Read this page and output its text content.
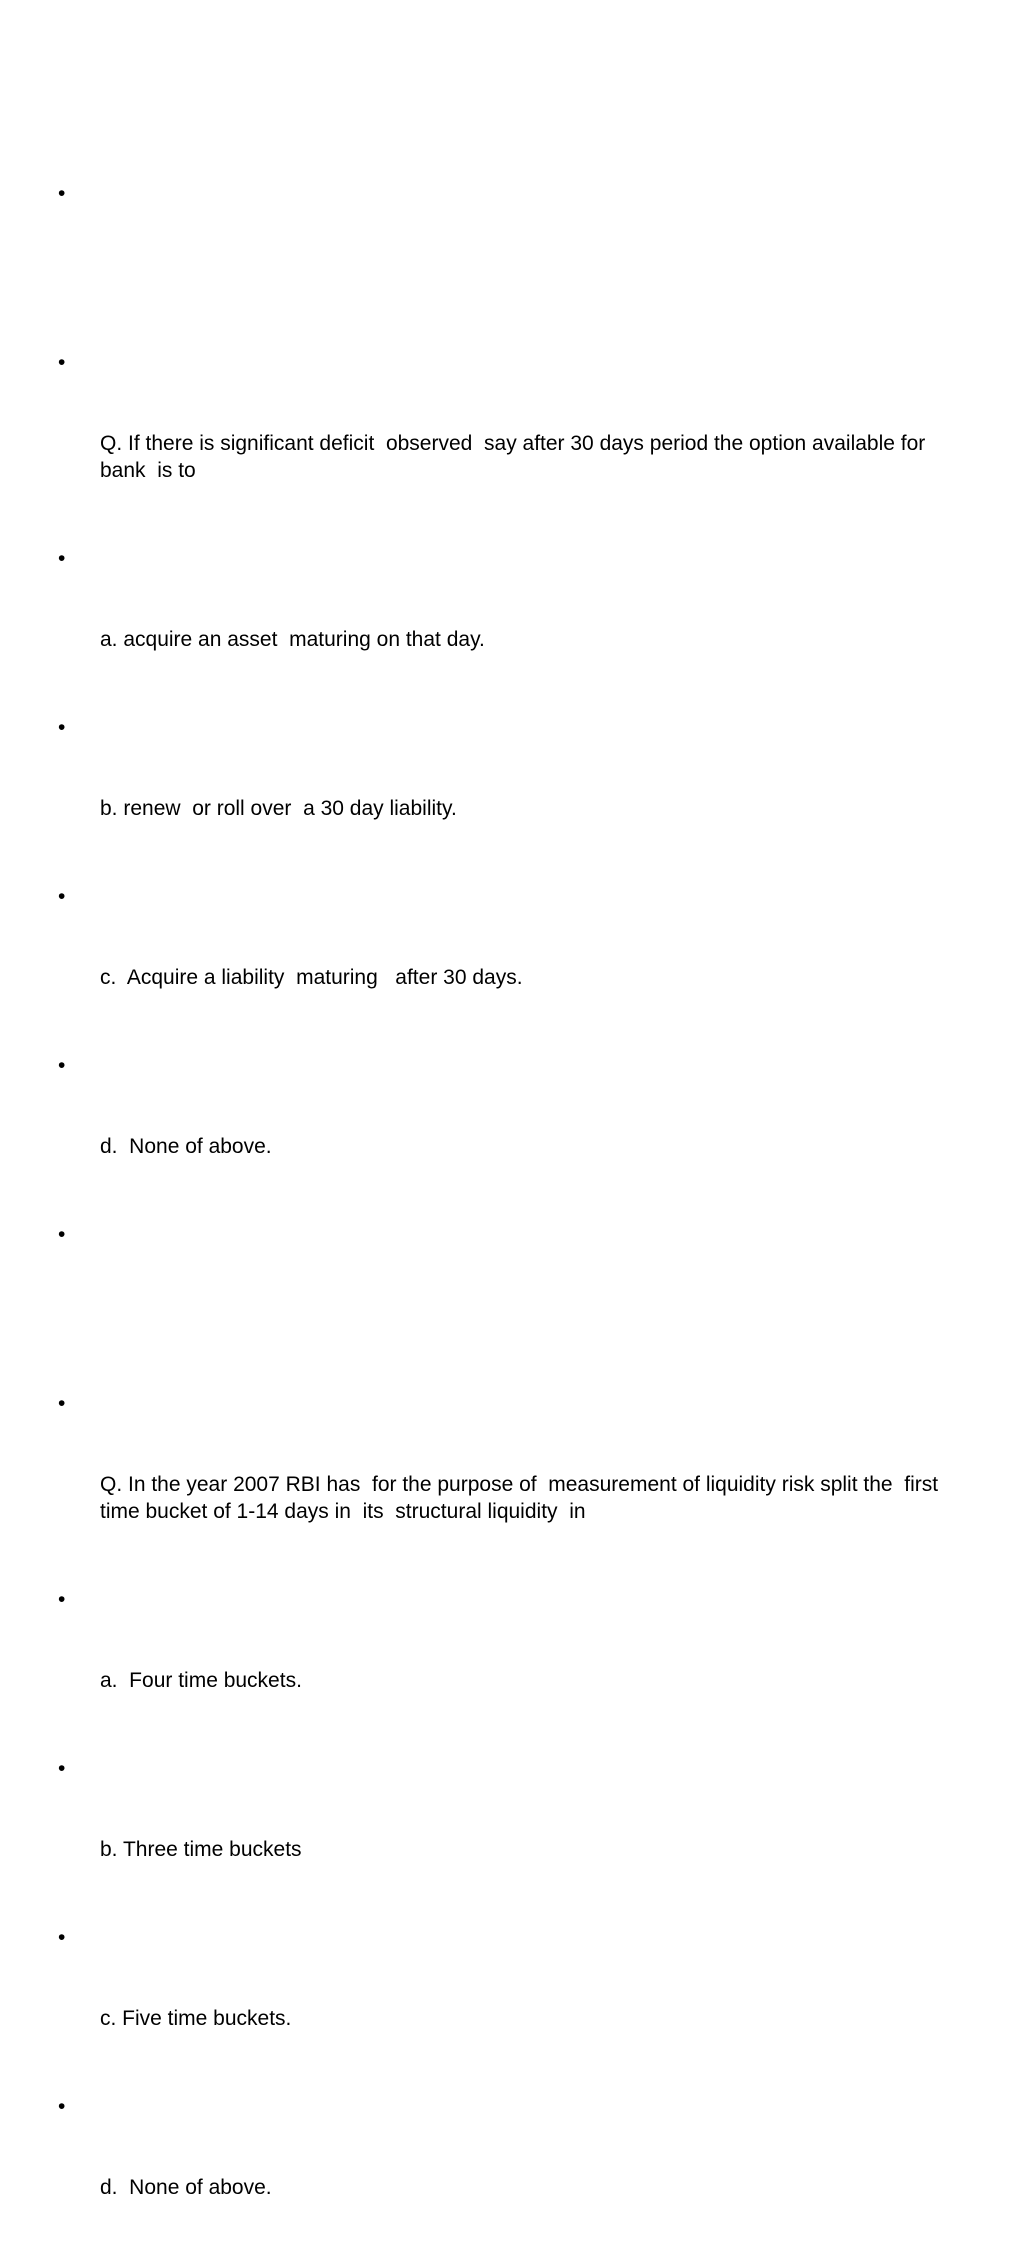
•

•

Q. If there is significant deficit  observed  say after 30 days period the option available for bank  is to

•

a. acquire an asset  maturing on that day.

•

b. renew  or roll over  a 30 day liability.

•

c.  Acquire a liability  maturing   after 30 days.

•

d.  None of above.

•

•

Q. In the year 2007 RBI has  for the purpose of  measurement of liquidity risk split the  first time bucket of 1-14 days in  its  structural liquidity  in

•

a.  Four time buckets.

•

b. Three time buckets

•

c. Five time buckets.

•

d.  None of above.
